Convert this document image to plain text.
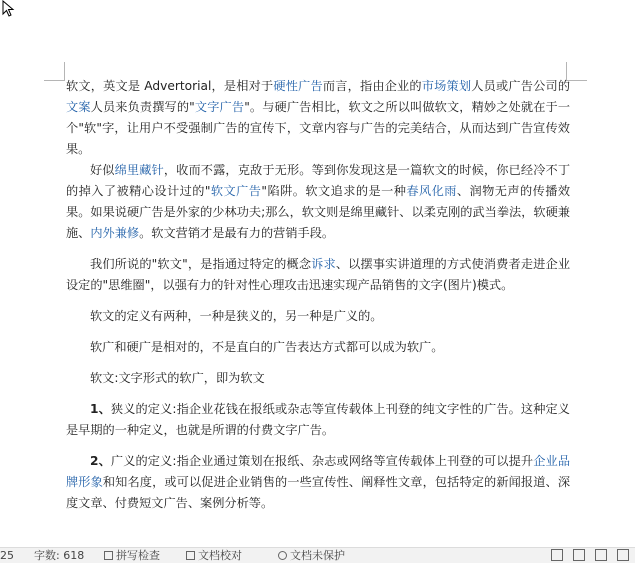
软文，英文是 Advertorial，是相对于硬性广告而言，指由企业的市场策划人员或广告公司的文案人员来负责撰写的"文字广告"。与硬广告相比，软文之所以叫做软文，精妙之处就在于一个"软"字，让用户不受强制广告的宣传下，文章内容与广告的完美结合，从而达到广告宣传效果。

好似绵里藏针，收而不露，克敌于无形。等到你发现这是一篇软文的时候，你已经冷不丁的掉入了被精心设计过的"软文广告"陷阱。软文追求的是一种春风化雨、润物无声的传播效果。如果说硬广告是外家的少林功夫;那么，软文则是绵里藏针、以柔克刚的武当拳法，软硬兼施、内外兼修。软文营销才是最有力的营销手段。

我们所说的"软文"，是指通过特定的概念诉求、以摆事实讲道理的方式使消费者走进企业设定的"思维圈"，以强有力的针对性心理攻击迅速实现产品销售的文字(图片)模式。

软文的定义有两种，一种是狭义的，另一种是广义的。

软广和硬广是相对的，不是直白的广告表达方式都可以成为软广。

软文:文字形式的软广，即为软文

1、狭义的定义:指企业花钱在报纸或杂志等宣传载体上刊登的纯文字性的广告。这种定义是早期的一种定义，也就是所谓的付费文字广告。

2、广义的定义:指企业通过策划在报纸、杂志或网络等宣传载体上刊登的可以提升企业品牌形象和知名度，或可以促进企业销售的一些宣传性、阐释性文章，包括特定的新闻报道、深度文章、付费短文广告、案例分析等。

25 字数: 618	拼写检查	文档校对	文档未保护
